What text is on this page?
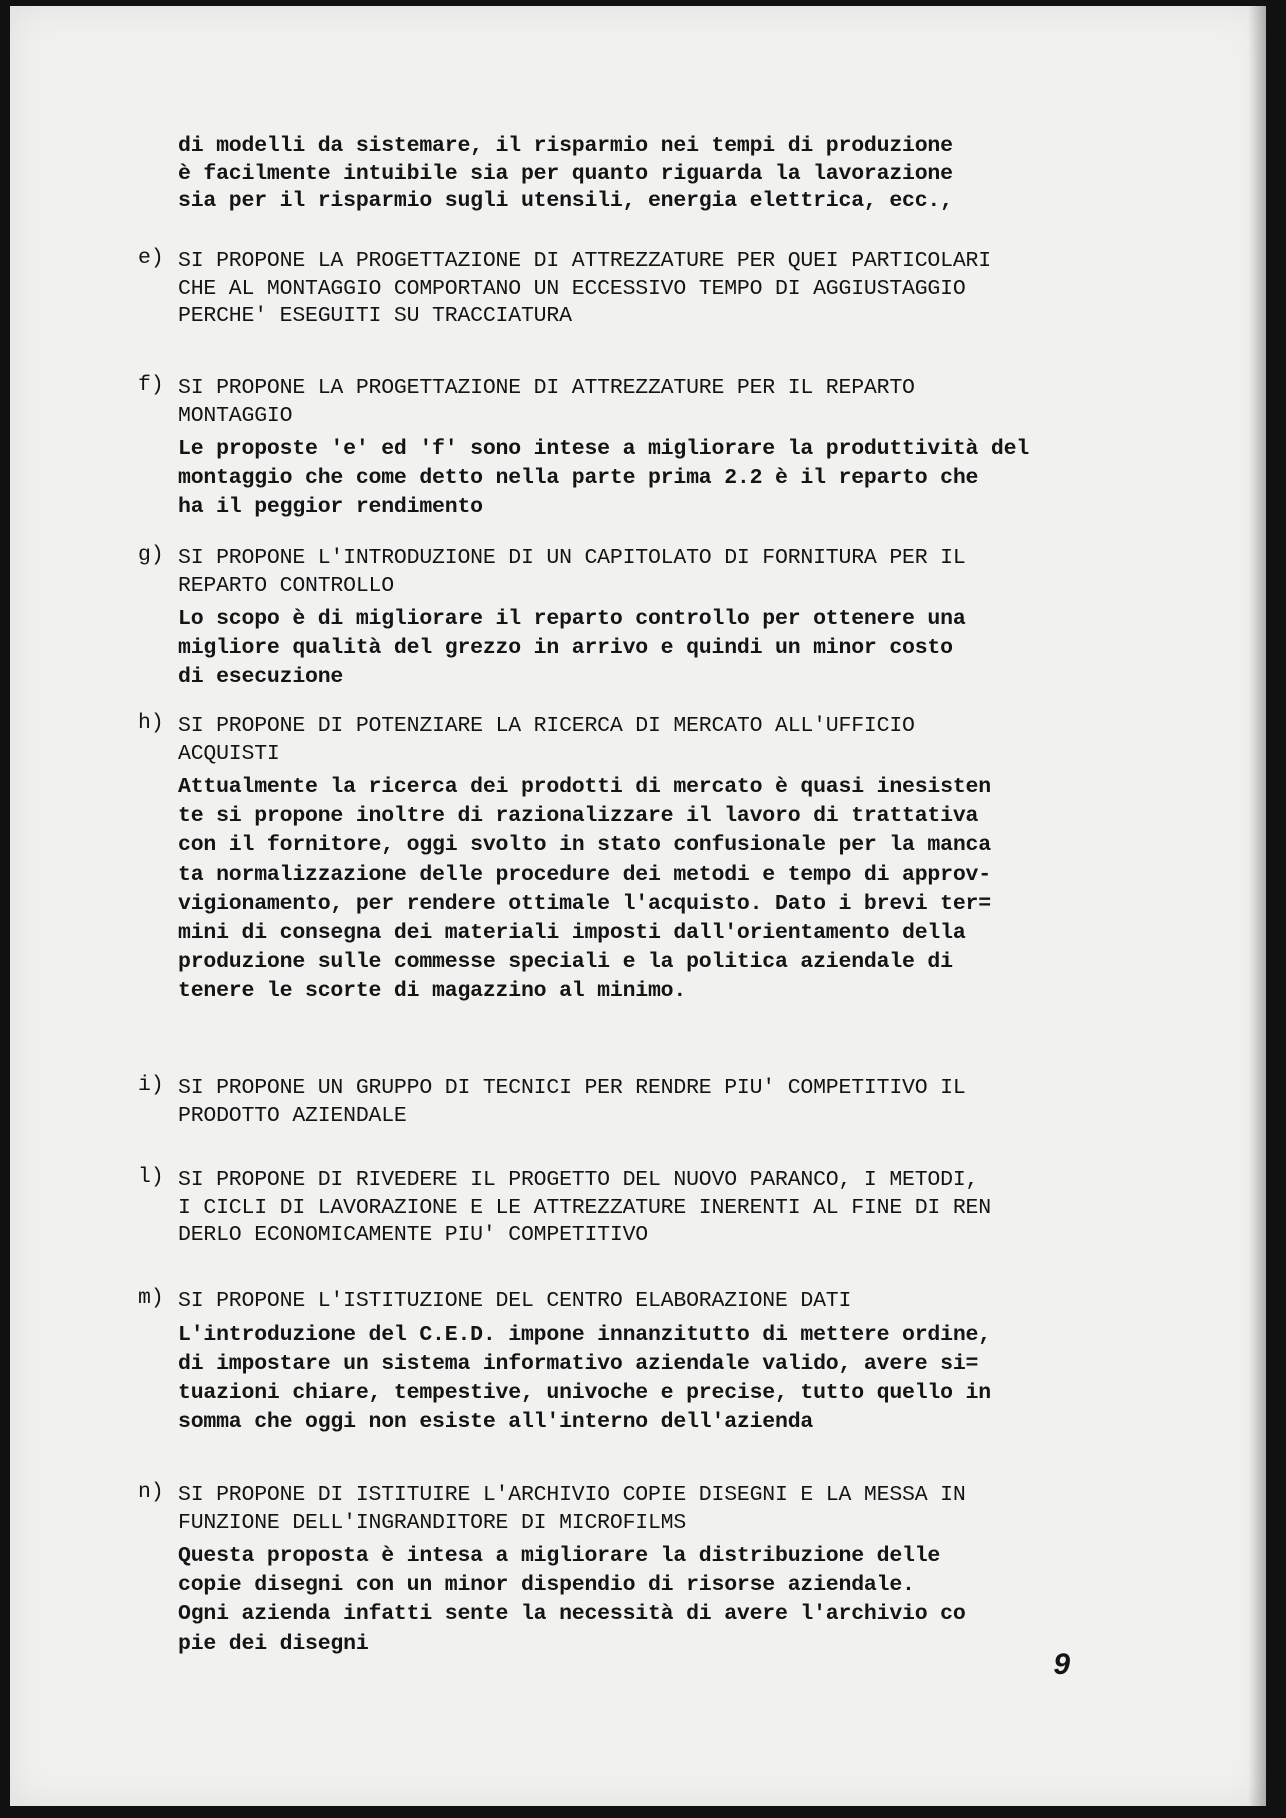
di modelli da sistemare, il risparmio nei tempi di produzione
è facilmente intuibile sia per quanto riguarda la lavorazione
sia per il risparmio sugli utensili, energia elettrica, ecc.,
e) SI PROPONE LA PROGETTAZIONE DI ATTREZZATURE PER QUEI PARTICOLARI
CHE AL MONTAGGIO COMPORTANO UN ECCESSIVO TEMPO DI AGGIUSTAGGIO
PERCHE' ESEGUITI SU TRACCIATURA
f) SI PROPONE LA PROGETTAZIONE DI ATTREZZATURE PER IL REPARTO
MONTAGGIO
Le proposte 'e' ed 'f' sono intese a migliorare la produttività del
montaggio che come detto nella parte prima 2.2 è il reparto che
ha il peggior rendimento
g) SI PROPONE L'INTRODUZIONE DI UN CAPITOLATO DI FORNITURA PER IL
REPARTO CONTROLLO
Lo scopo è di migliorare il reparto controllo per ottenere una
migliore qualità del grezzo in arrivo e quindi un minor costo
di esecuzione
h) SI PROPONE DI POTENZIARE LA RICERCA DI MERCATO ALL'UFFICIO
ACQUISTI
Attualmente la ricerca dei prodotti di mercato è quasi inesisten
te si propone inoltre di razionalizzare il lavoro di trattativa
con il fornitore, oggi svolto in stato confusionale per la manca
ta normalizzazione delle procedure dei metodi e tempo di approv-
vigionamento, per rendere ottimale l'acquisto. Dato i brevi ter=
mini di consegna dei materiali imposti dall'orientamento della
produzione sulle commesse speciali e la politica aziendale di
tenere le scorte di magazzino al minimo.
i) SI PROPONE UN GRUPPO DI TECNICI PER RENDRE PIU' COMPETITIVO IL
PRODOTTO AZIENDALE
l) SI PROPONE DI RIVEDERE IL PROGETTO DEL NUOVO PARANCO, I METODI,
I CICLI DI LAVORAZIONE E LE ATTREZZATURE INERENTI AL FINE DI REN
DERLO ECONOMICAMENTE PIU' COMPETITIVO
m) SI PROPONE L'ISTITUZIONE DEL CENTRO ELABORAZIONE DATI
L'introduzione del C.E.D. impone innanzitutto di mettere ordine,
di impostare un sistema informativo aziendale valido, avere si=
tuazioni chiare, tempestive, univoche e precise, tutto quello in
somma che oggi non esiste all'interno dell'azienda
n) SI PROPONE DI ISTITUIRE L'ARCHIVIO COPIE DISEGNI E LA MESSA IN
FUNZIONE DELL'INGRANDITORE DI MICROFILMS
Questa proposta è intesa a migliorare la distribuzione delle
copie disegni con un minor dispendio di risorse aziendale.
Ogni azienda infatti sente la necessità di avere l'archivio co
pie dei disegni
9
